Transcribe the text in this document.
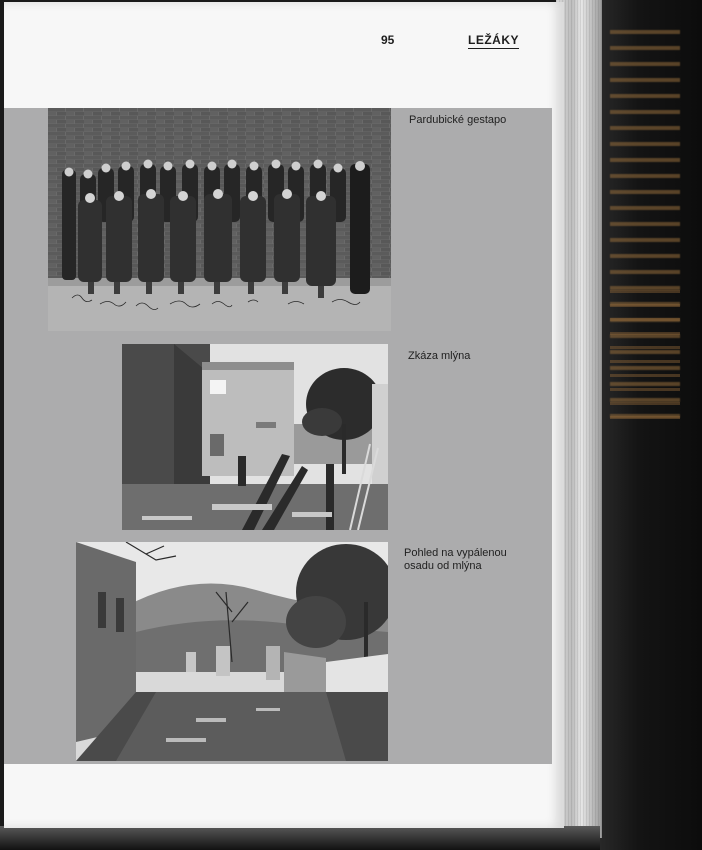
95	LEŽÁKY
Pardubické gestapo
Zkáza mlýna
Pohled na vypálenou
osadu od mlýna
